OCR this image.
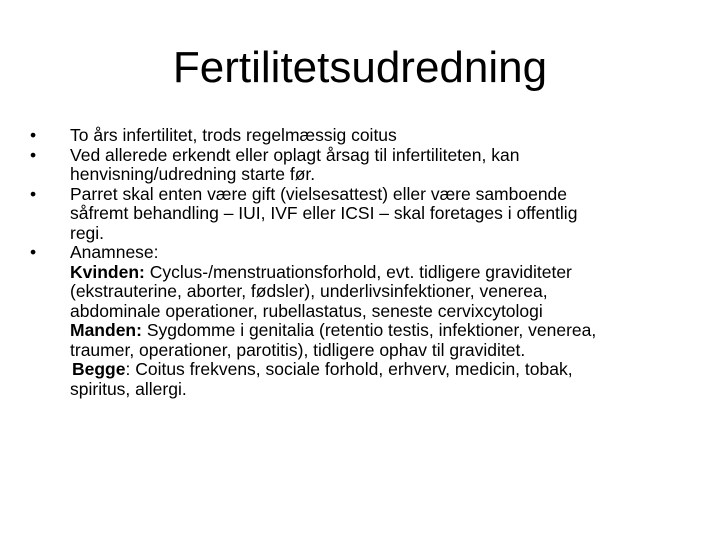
Fertilitetsudredning
•	To års infertilitet, trods regelmæssig coitus
•	Ved allerede erkendt eller oplagt årsag til infertiliteten, kan
henvisning/udredning starte før.
•	Parret skal enten være gift (vielsesattest) eller være samboende
såfremt behandling – IUI, IVF eller ICSI – skal foretages i offentlig
regi.
•	Anamnese:
Kvinden: Cyclus-/menstruationsforhold, evt. tidligere graviditeter
(ekstrauterine, aborter, fødsler), underlivsinfektioner, venerea,
abdominale operationer, rubellastatus, seneste cervixcytologi
Manden: Sygdomme i genitalia (retentio testis, infektioner, venerea,
traumer, operationer, parotitis), tidligere ophav til graviditet.
Begge: Coitus frekvens, sociale forhold, erhverv, medicin, tobak,
spiritus, allergi.
